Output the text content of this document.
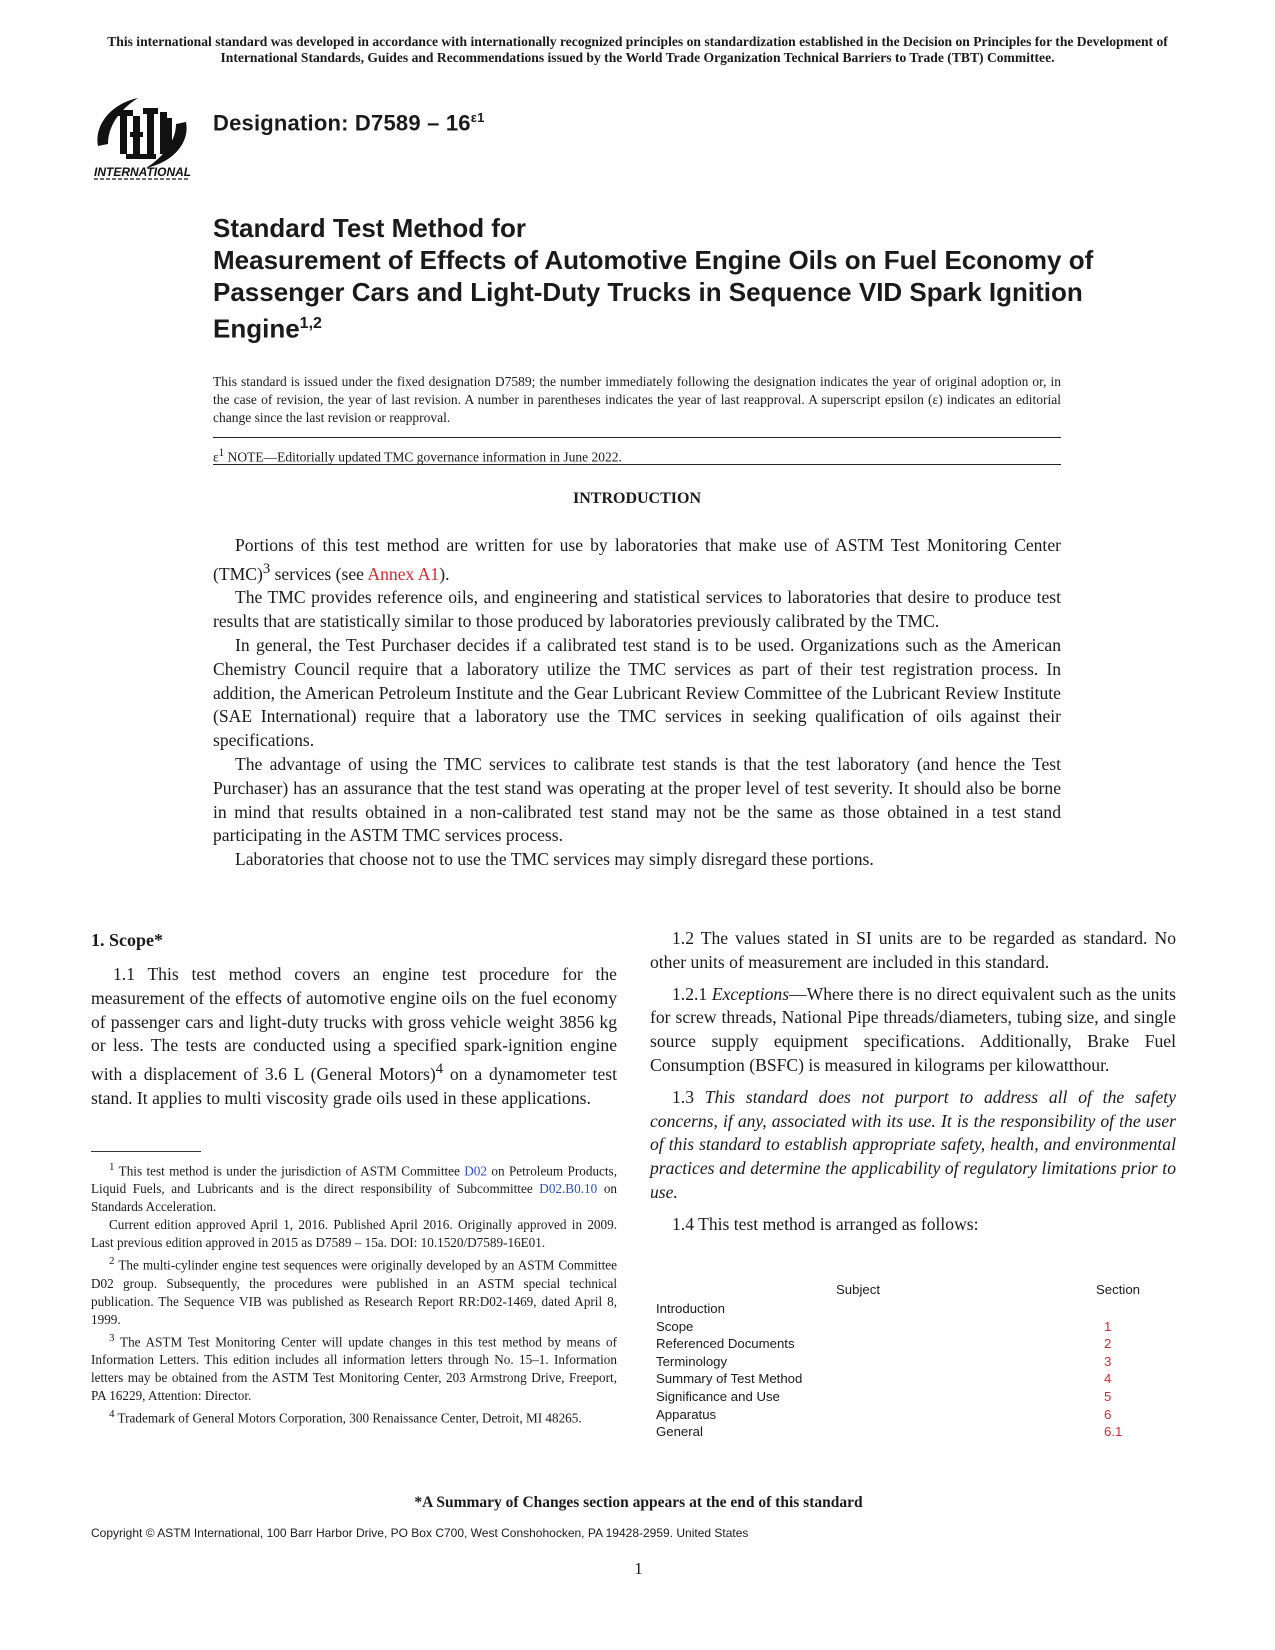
This international standard was developed in accordance with internationally recognized principles on standardization established in the Decision on Principles for the Development of International Standards, Guides and Recommendations issued by the World Trade Organization Technical Barriers to Trade (TBT) Committee.
INTERNATIONAL
Designation: $D7589 - 16^{\varepsilon 1}$
Standard Test Method for
Measurement of Effects of Automotive Engine Oils on Fuel Economy of Passenger Cars and Light-Duty Trucks in Sequence VID Spark Ignition Engine$^{1,2}$
This standard is issued under the fixed designation D7589; the number immediately following the designation indicates the year of original adoption or, in the case of revision, the year of last revision. A number in parentheses indicates the year of last reapproval. A superscript epsilon (ε) indicates an editorial change since the last revision or reapproval.
$\varepsilon^1$ NOTE—Editorially updated TMC governance information in June 2022.
INTRODUCTION

Portions of this test method are written for use by laboratories that make use of ASTM Test Monitoring Center (TMC)$^3$ services (see Annex A1).

The TMC provides reference oils, and engineering and statistical services to laboratories that desire to produce test results that are statistically similar to those produced by laboratories previously calibrated by the TMC.

In general, the Test Purchaser decides if a calibrated test stand is to be used. Organizations such as the American Chemistry Council require that a laboratory utilize the TMC services as part of their test registration process. In addition, the American Petroleum Institute and the Gear Lubricant Review Committee of the Lubricant Review Institute (SAE International) require that a laboratory use the TMC services in seeking qualification of oils against their specifications.

The advantage of using the TMC services to calibrate test stands is that the test laboratory (and hence the Test Purchaser) has an assurance that the test stand was operating at the proper level of test severity. It should also be borne in mind that results obtained in a non-calibrated test stand may not be the same as those obtained in a test stand participating in the ASTM TMC services process.

Laboratories that choose not to use the TMC services may simply disregard these portions.

1. Scope*

1.1 This test method covers an engine test procedure for the measurement of the effects of automotive engine oils on the fuel economy of passenger cars and light-duty trucks with gross vehicle weight 3856 kg or less. The tests are conducted using a specified spark-ignition engine with a displacement of 3.6 L (General Motors)$^4$ on a dynamometer test stand. It applies to multi viscosity grade oils used in these applications.

$^1$ This test method is under the jurisdiction of ASTM Committee D02 on Petroleum Products, Liquid Fuels, and Lubricants and is the direct responsibility of Subcommittee D02.B0.10 on Standards Acceleration.

Current edition approved April 1, 2016. Published April 2016. Originally approved in 2009. Last previous edition approved in 2015 as D7589 – 15a. DOI: 10.1520/D7589-16E01.

$^2$ The multi-cylinder engine test sequences were originally developed by an ASTM Committee D02 group. Subsequently, the procedures were published in an ASTM special technical publication. The Sequence VIB was published as Research Report RR:D02-1469, dated April 8, 1999.

$^3$ The ASTM Test Monitoring Center will update changes in this test method by means of Information Letters. This edition includes all information letters through No. 15–1. Information letters may be obtained from the ASTM Test Monitoring Center, 203 Armstrong Drive, Freeport, PA 16229, Attention: Director.

$^4$ Trademark of General Motors Corporation, 300 Renaissance Center, Detroit, MI 48265.

1.2 The values stated in SI units are to be regarded as standard. No other units of measurement are included in this standard.

1.2.1 Exceptions—Where there is no direct equivalent such as the units for screw threads, National Pipe threads/diameters, tubing size, and single source supply equipment specifications. Additionally, Brake Fuel Consumption (BSFC) is measured in kilograms per kilowatthour.

1.3 This standard does not purport to address all of the safety concerns, if any, associated with its use. It is the responsibility of the user of this standard to establish appropriate safety, health, and environmental practices and determine the applicability of regulatory limitations prior to use.

1.4 This test method is arranged as follows:

Subject	Section
Introduction
Scope	1
Referenced Documents	2
Terminology	3
Summary of Test Method	4
Significance and Use	5
Apparatus	6
General	6.1
*A Summary of Changes section appears at the end of this standard
Copyright © ASTM International, 100 Barr Harbor Drive, PO Box C700, West Conshohocken, PA 19428-2959. United States
1
